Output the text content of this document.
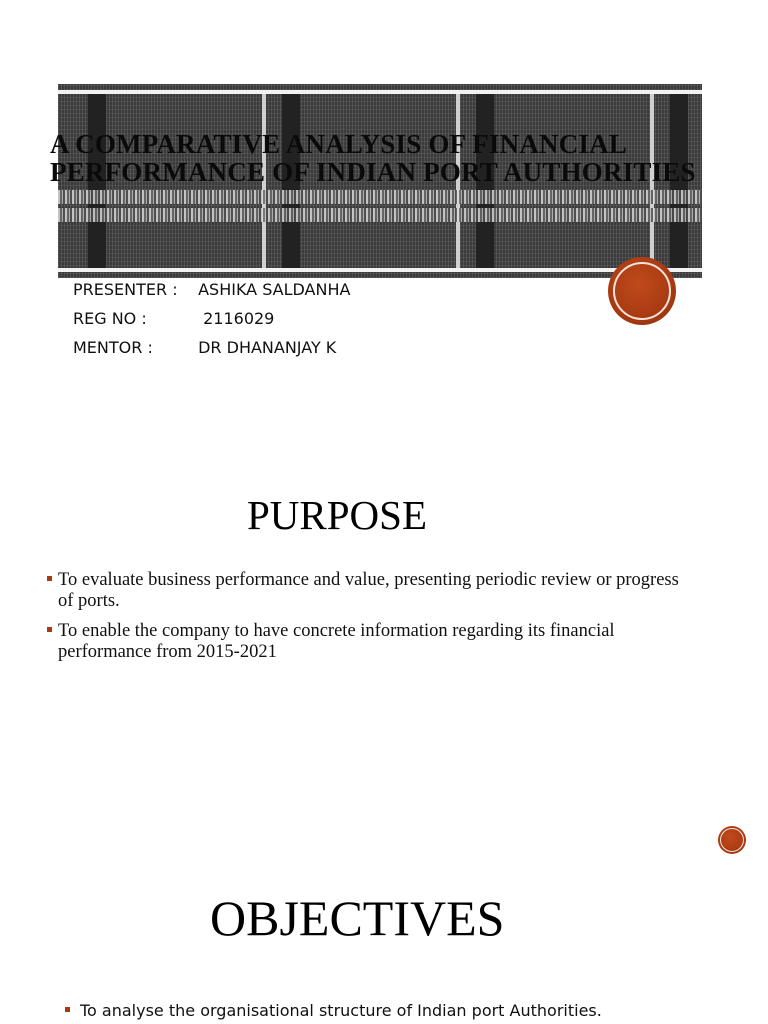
A COMPARATIVE ANALYSIS OF FINANCIAL
PERFORMANCE OF INDIAN PORT AUTHORITIES
PRESENTER : ASHIKA SALDANHA
REG NO :	2116029
MENTOR :	DR DHANANJAY K
PURPOSE
To evaluate business performance and value, presenting periodic review or progress of ports.
To enable the company to have concrete information regarding its financial performance from 2015-2021
OBJECTIVES
To analyse the organisational structure of Indian port Authorities.
